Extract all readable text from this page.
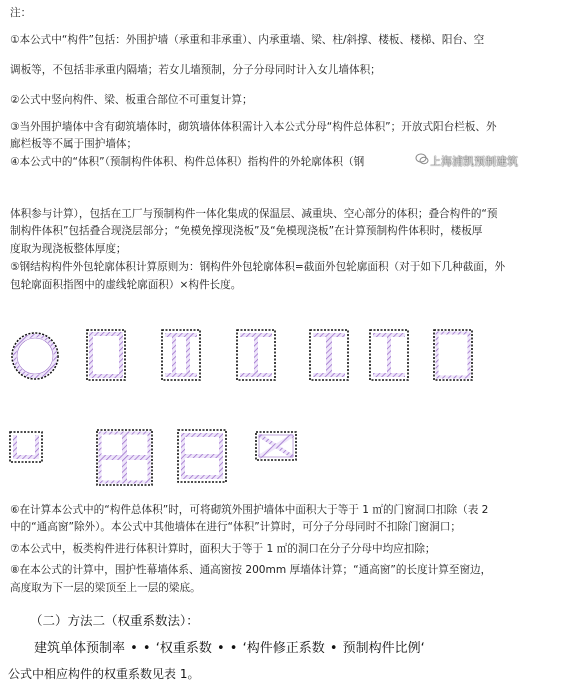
注：
①本公式中“构件”包括：外围护墙（承重和非承重）、内承重墙、梁、柱/斜撑、楼板、楼梯、阳台、空
调板等，不包括非承重内隔墙；若女儿墙预制，分子分母同时计入女儿墙体积；
②公式中竖向构件、梁、板重合部位不可重复计算；
③当外围护墙体中含有砌筑墙体时，砌筑墙体体积需计入本公式分母“构件总体积”；开放式阳台栏板、外
廊栏板等不属于围护墙体；
④本公式中的“体积”（预制构件体积、构件总体积）指构件的外轮廓体积（钢	上海浦凯预制建筑
体积参与计算），包括在工厂与预制构件一体化集成的保温层、减重块、空心部分的体积；叠合构件的“预
制构件体积”包括叠合现浇层部分；“免模免撑现浇板”及“免模现浇板”在计算预制构件体积时，楼板厚
度取为现浇板整体厚度；
⑤钢结构构件外包轮廓体积计算原则为：钢构件外包轮廓体积=截面外包轮廓面积（对于如下几种截面，外
包轮廓面积指图中的虚线轮廓面积）×构件长度。
⑥在计算本公式中的“构件总体积”时，可将砌筑外围护墙体中面积大于等于 1 ㎡的门窗洞口扣除（表 2
中的“通高窗”除外）。本公式中其他墙体在进行“体积”计算时，可分子分母同时不扣除门窗洞口；
⑦本公式中，板类构件进行体积计算时，面积大于等于 1 ㎡的洞口在分子分母中均应扣除；
⑧在本公式的计算中，围护性幕墙体系、通高窗按 200mm 厚墙体计算；“通高窗”的长度计算至窗边，
高度取为下一层的梁顶至上一层的梁底。
（二）方法二（权重系数法）：
建筑单体预制率 • • ʻ权重系数 • • ʻ构件修正系数 • 预制构件比例ʻ
公式中相应构件的权重系数见表 1。
